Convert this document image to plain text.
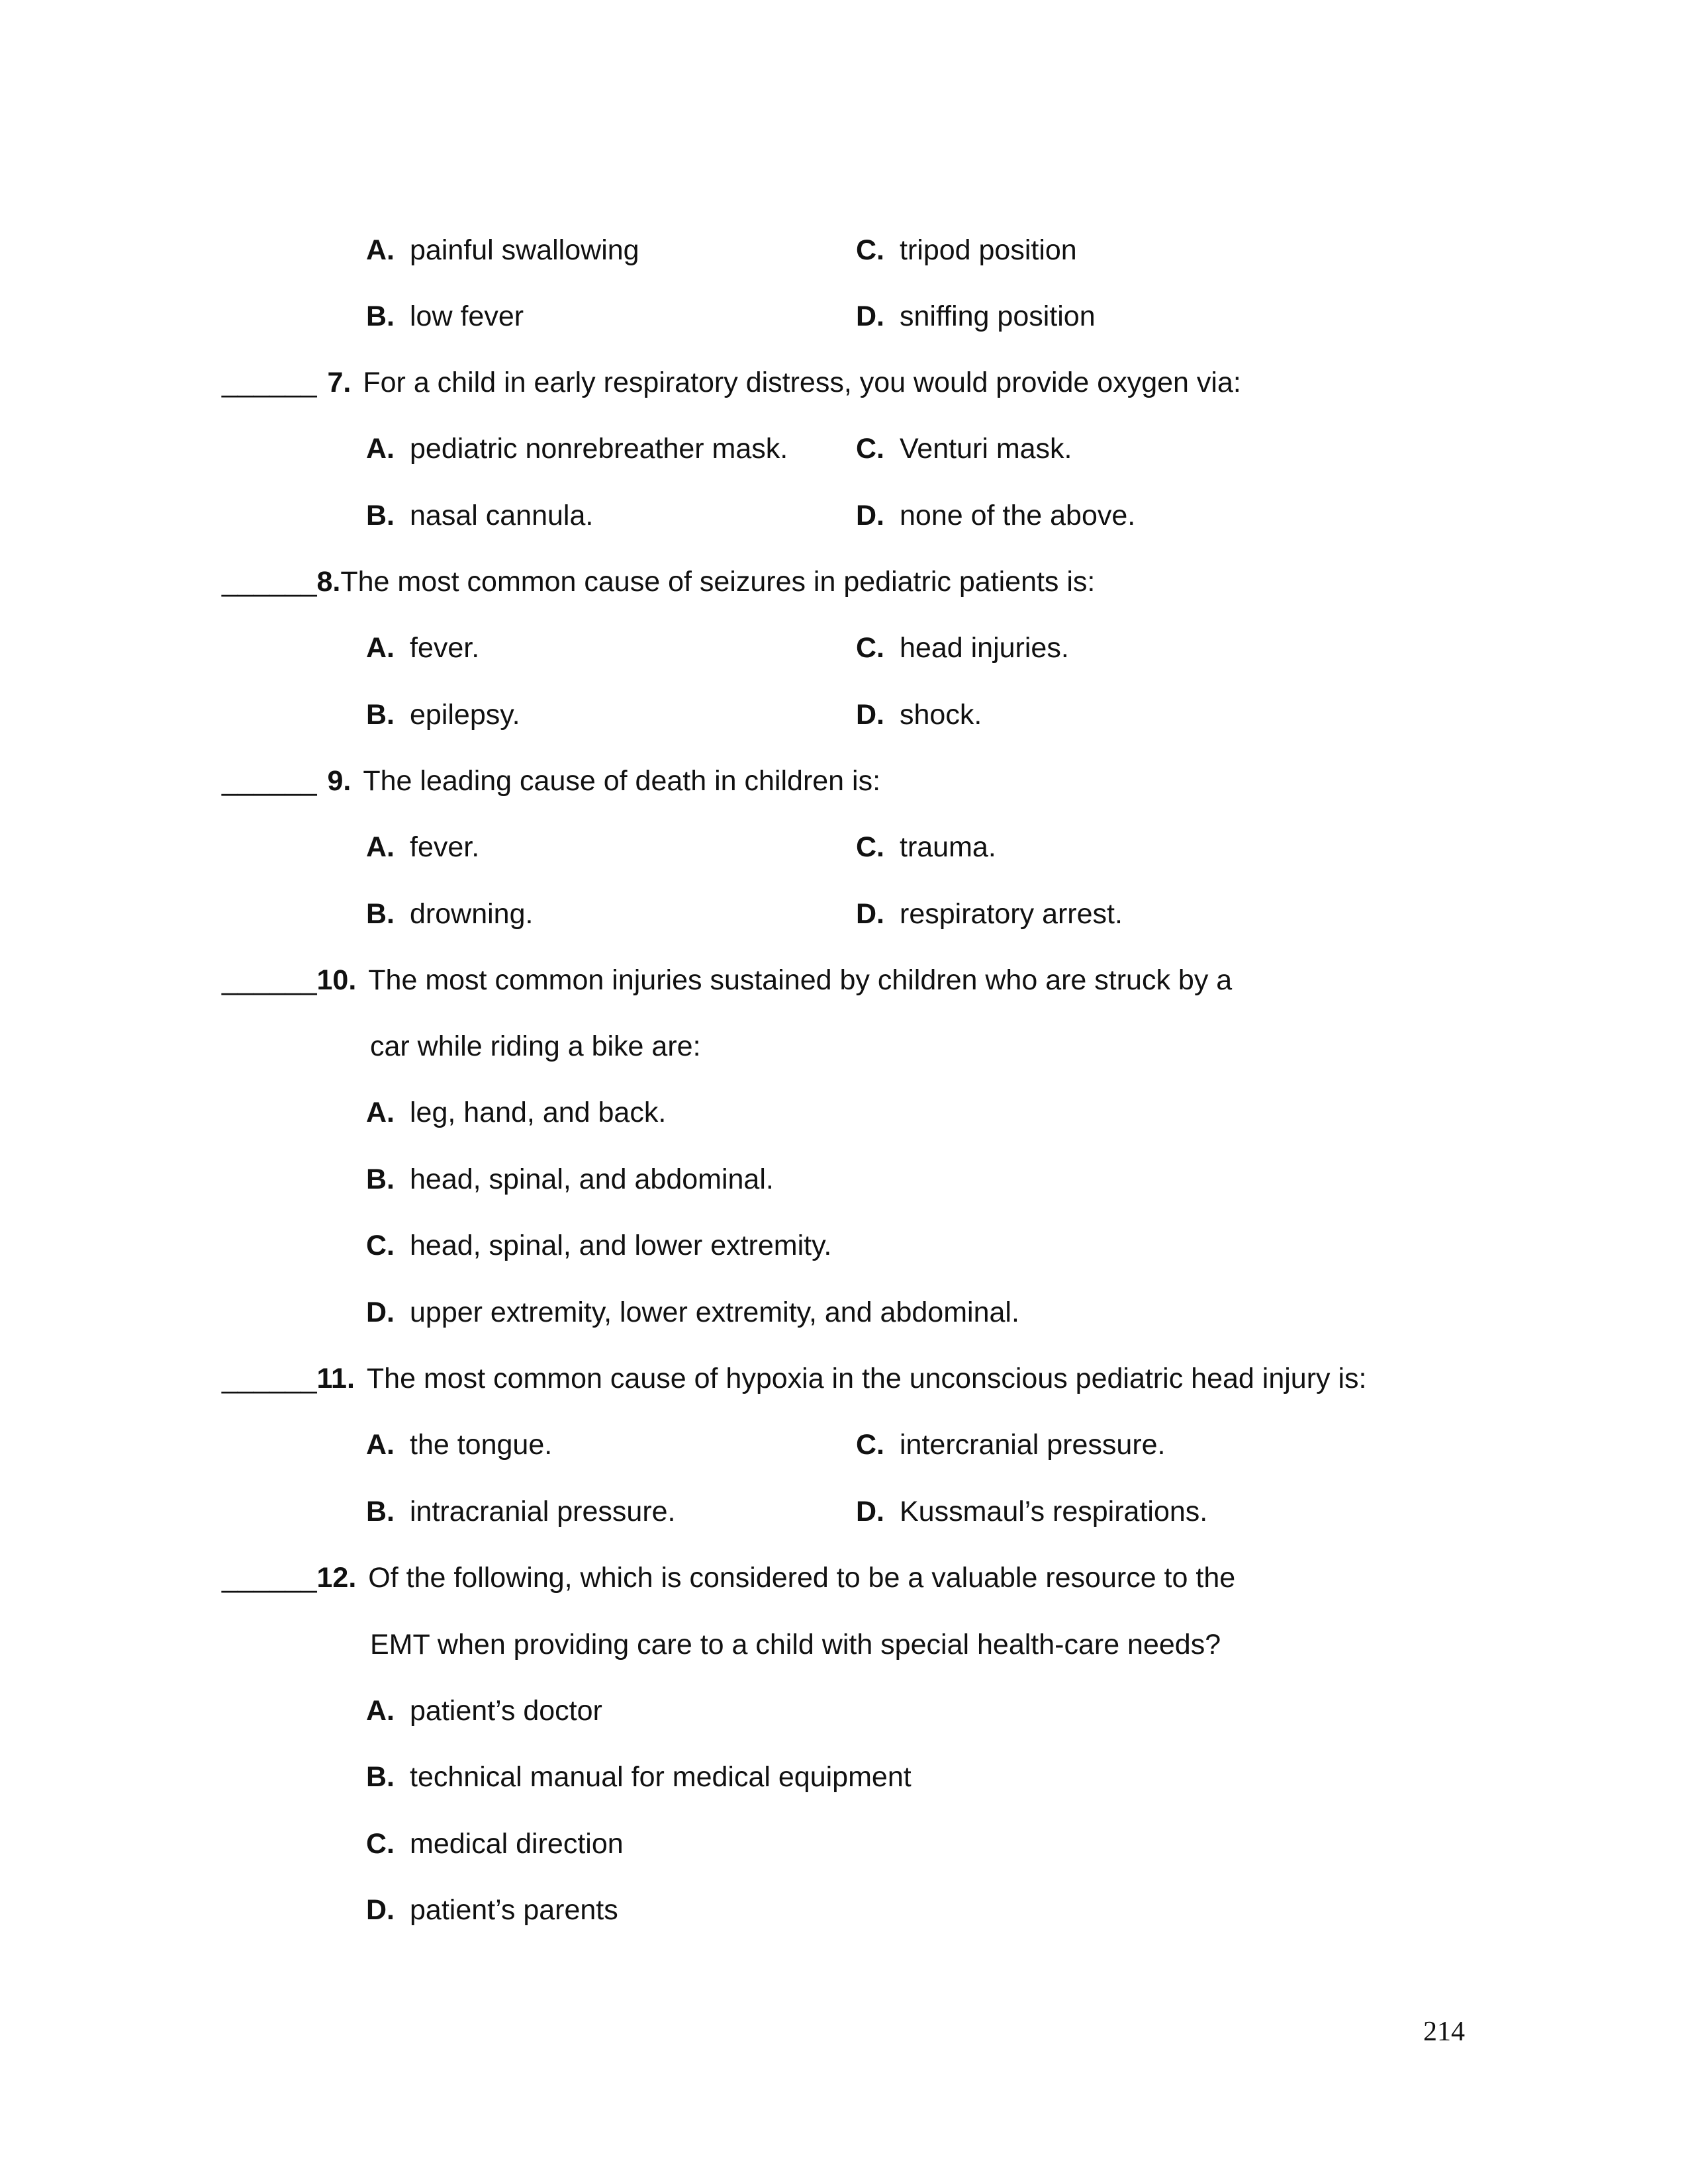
A. painful swallowing	C. tripod position
B. low fever	D. sniffing position
______ 7. For a child in early respiratory distress, you would provide oxygen via:
A. pediatric nonrebreather mask. C. Venturi mask.
B. nasal cannula.	D. none of the above.
______8.The most common cause of seizures in pediatric patients is:
A. fever.	C. head injuries.
B. epilepsy.	D. shock.
______ 9. The leading cause of death in children is:
A. fever.	C. trauma.
B. drowning.	D. respiratory arrest.
______10. The most common injuries sustained by children who are struck by a
car while riding a bike are:
A. leg, hand, and back.
B. head, spinal, and abdominal.
C. head, spinal, and lower extremity.
D. upper extremity, lower extremity, and abdominal.
______11. The most common cause of hypoxia in the unconscious pediatric head injury is:
A. the tongue.	C. intercranial pressure.
B. intracranial pressure.	D. Kussmaul’s respirations.
______12. Of the following, which is considered to be a valuable resource to the
EMT when providing care to a child with special health-care needs?
A. patient’s doctor
B. technical manual for medical equipment
C. medical direction
D. patient’s parents
214
